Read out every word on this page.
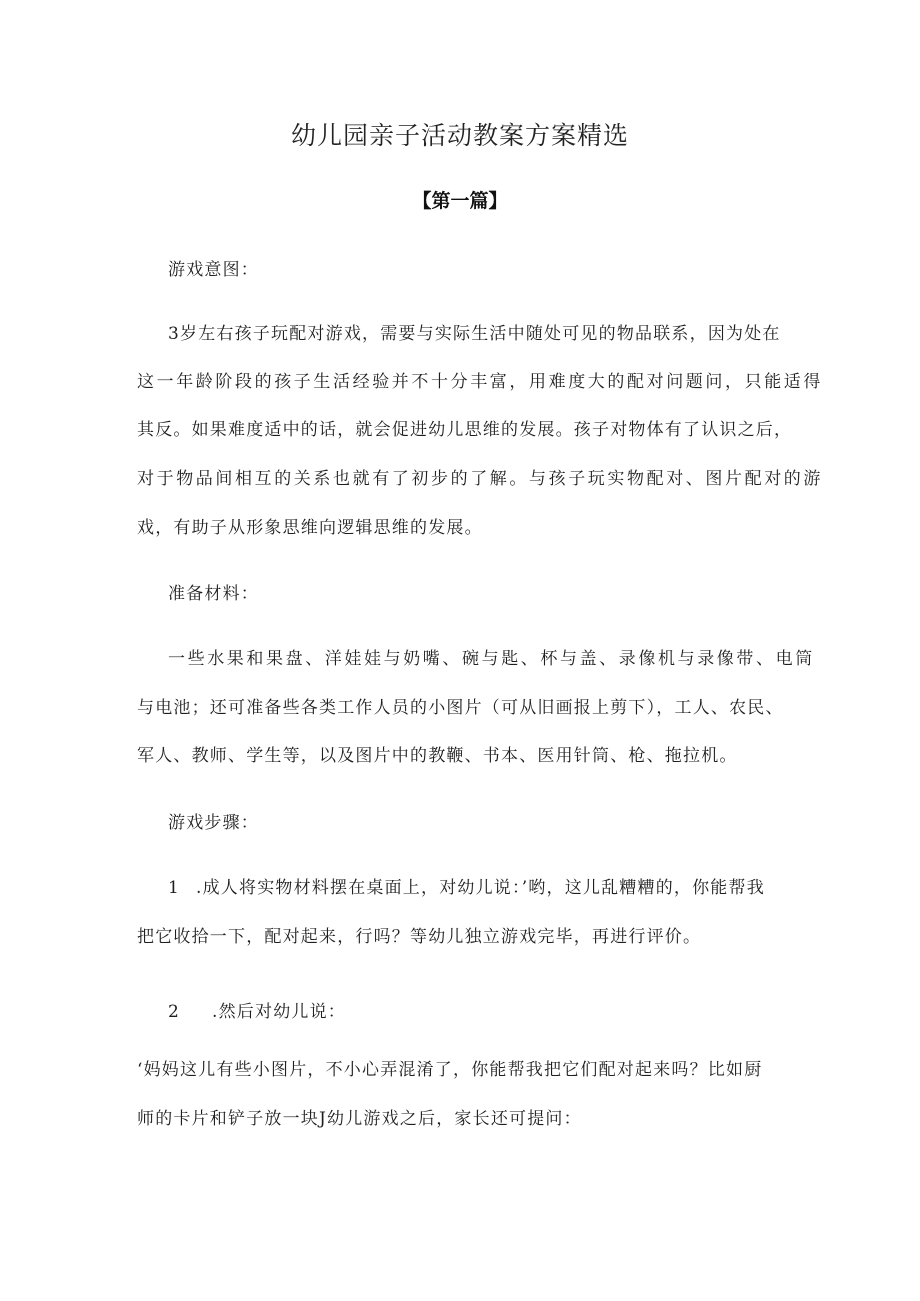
幼儿园亲子活动教案方案精选
【第一篇】
游戏意图：
3岁左右孩子玩配对游戏，需要与实际生活中随处可见的物品联系，因为处在
这一年龄阶段的孩子生活经验并不十分丰富，用难度大的配对问题问，只能适得
其反。如果难度适中的话，就会促进幼儿思维的发展。孩子对物体有了认识之后，
对于物品间相互的关系也就有了初步的了解。与孩子玩实物配对、图片配对的游
戏，有助子从形象思维向逻辑思维的发展。
准备材料：
一些水果和果盘、洋娃娃与奶嘴、碗与匙、杯与盖、录像机与录像带、电筒
与电池；还可准备些各类工作人员的小图片（可从旧画报上剪下），工人、农民、
军人、教师、学生等，以及图片中的教鞭、书本、医用针筒、枪、拖拉机。
游戏步骤：
1 .成人将实物材料摆在桌面上，对幼儿说：’哟，这儿乱糟糟的，你能帮我
把它收拾一下，配对起来，行吗？等幼儿独立游戏完毕，再进行评价。
2 .然后对幼儿说：
‘妈妈这儿有些小图片，不小心弄混淆了，你能帮我把它们配对起来吗？比如厨
师的卡片和铲子放一块J幼儿游戏之后，家长还可提问：
